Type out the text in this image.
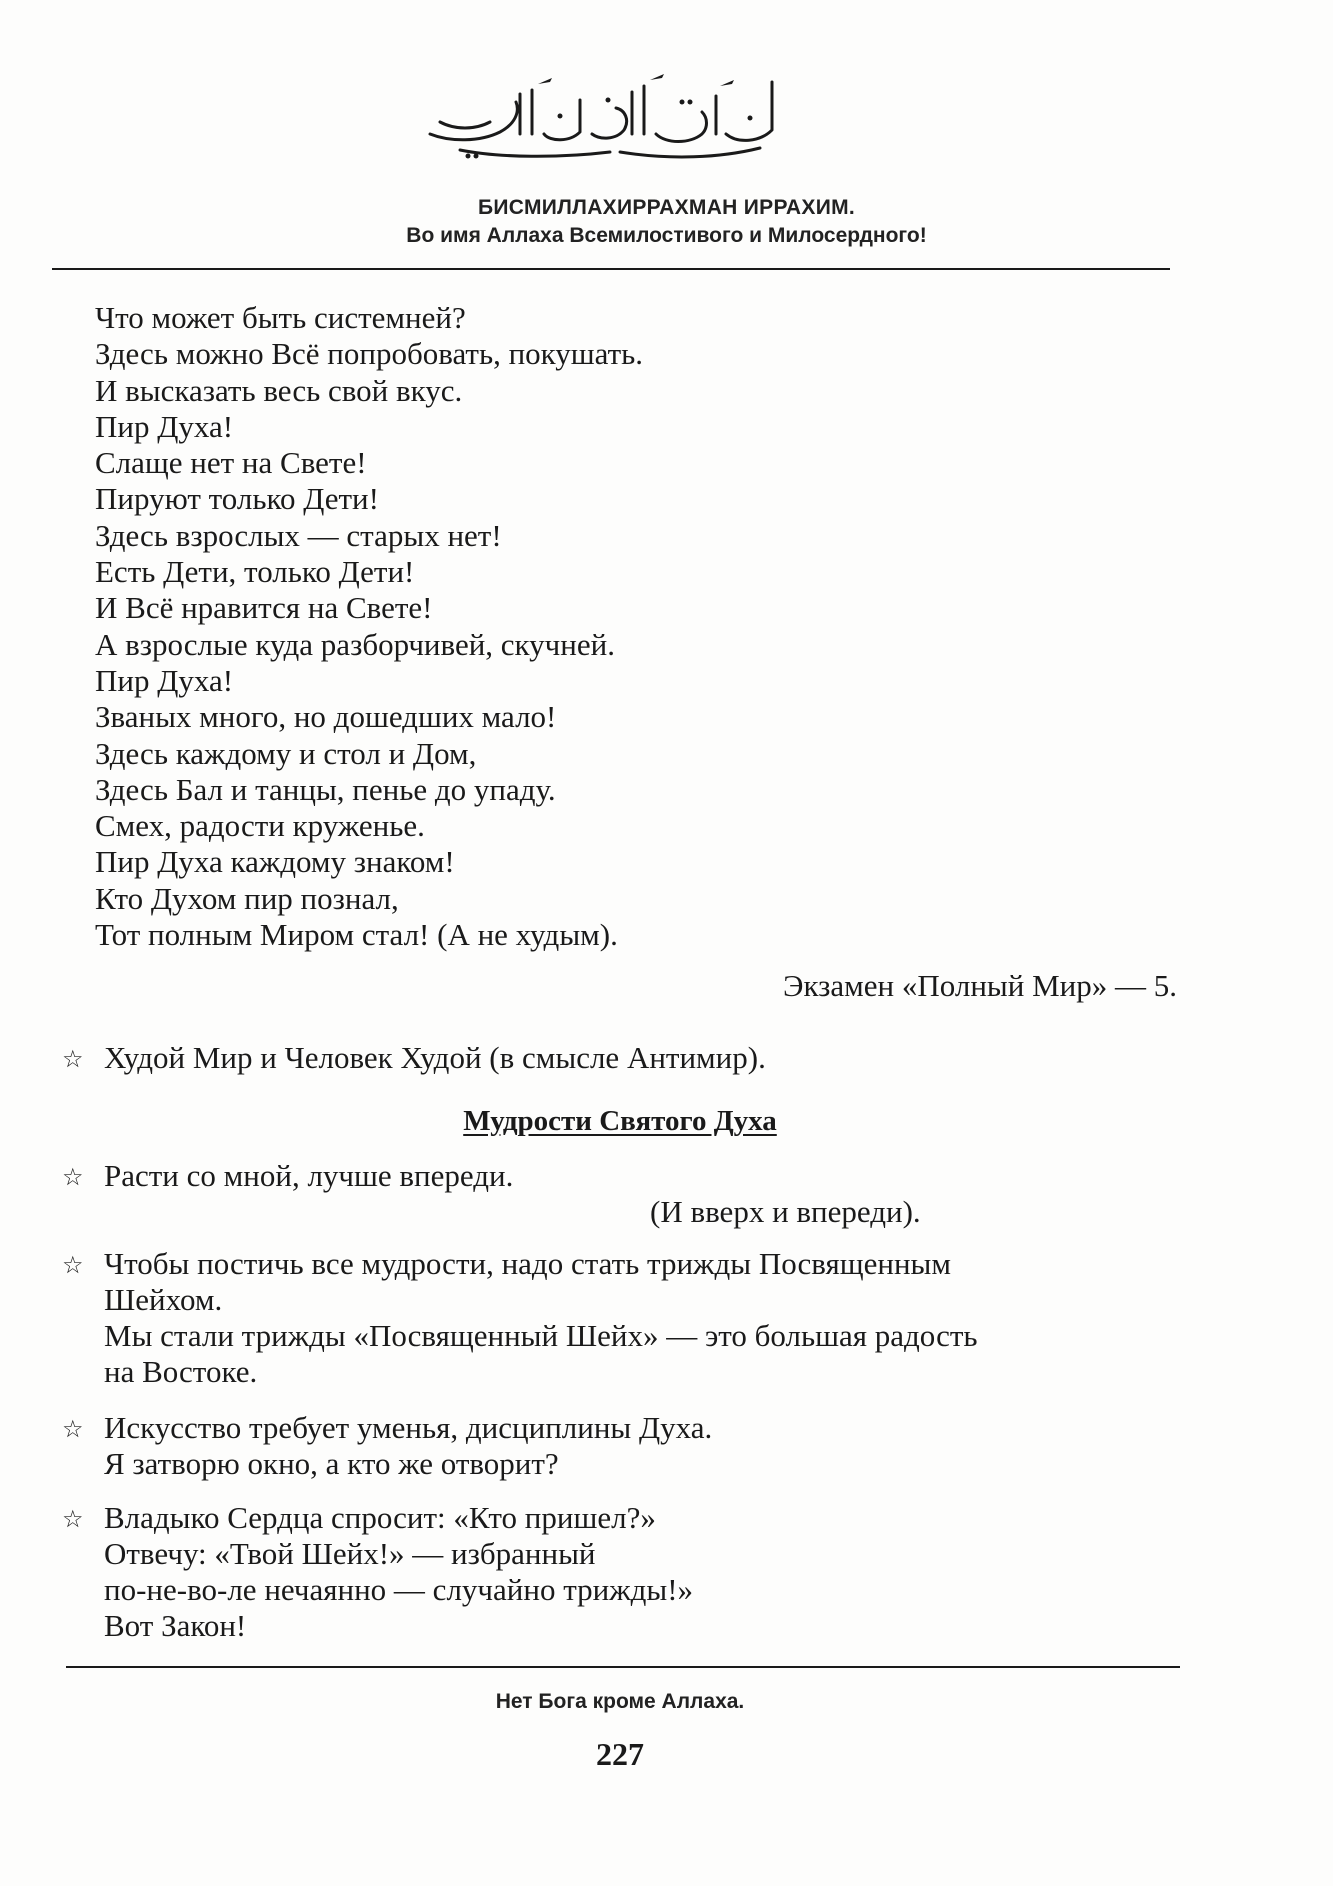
БИСМИЛЛАХИРРАХМАН ИРРАХИМ.
Во имя Аллаха Всемилостивого и Милосердного!
Что может быть системней?
Здесь можно Всё попробовать, покушать.
И высказать весь свой вкус.
Пир Духа!
Слаще нет на Свете!
Пируют только Дети!
Здесь взрослых — старых нет!
Есть Дети, только Дети!
И Всё нравится на Свете!
А взрослые куда разборчивей, скучней.
Пир Духа!
Званых много, но дошедших мало!
Здесь каждому и стол и Дом,
Здесь Бал и танцы, пенье до упаду.
Смех, радости круженье.
Пир Духа каждому знаком!
Кто Духом пир познал,
Тот полным Миром стал! (А не худым).
Экзамен «Полный Мир» — 5.
☆ Худой Мир и Человек Худой (в смысле Антимир).
Мудрости Святого Духа
☆ Расти со мной, лучше впереди.
(И вверх и впереди).
☆ Чтобы постичь все мудрости, надо стать трижды Посвященным
Шейхом.
Мы стали трижды «Посвященный Шейх» — это большая радость
на Востоке.
☆ Искусство требует уменья, дисциплины Духа.
Я затворю окно, а кто же отворит?
☆ Владыко Сердца спросит: «Кто пришел?»
Отвечу: «Твой Шейх!» — избранный
по-не-во-ле нечаянно — случайно трижды!»
Вот Закон!
Нет Бога кроме Аллаха.
227
